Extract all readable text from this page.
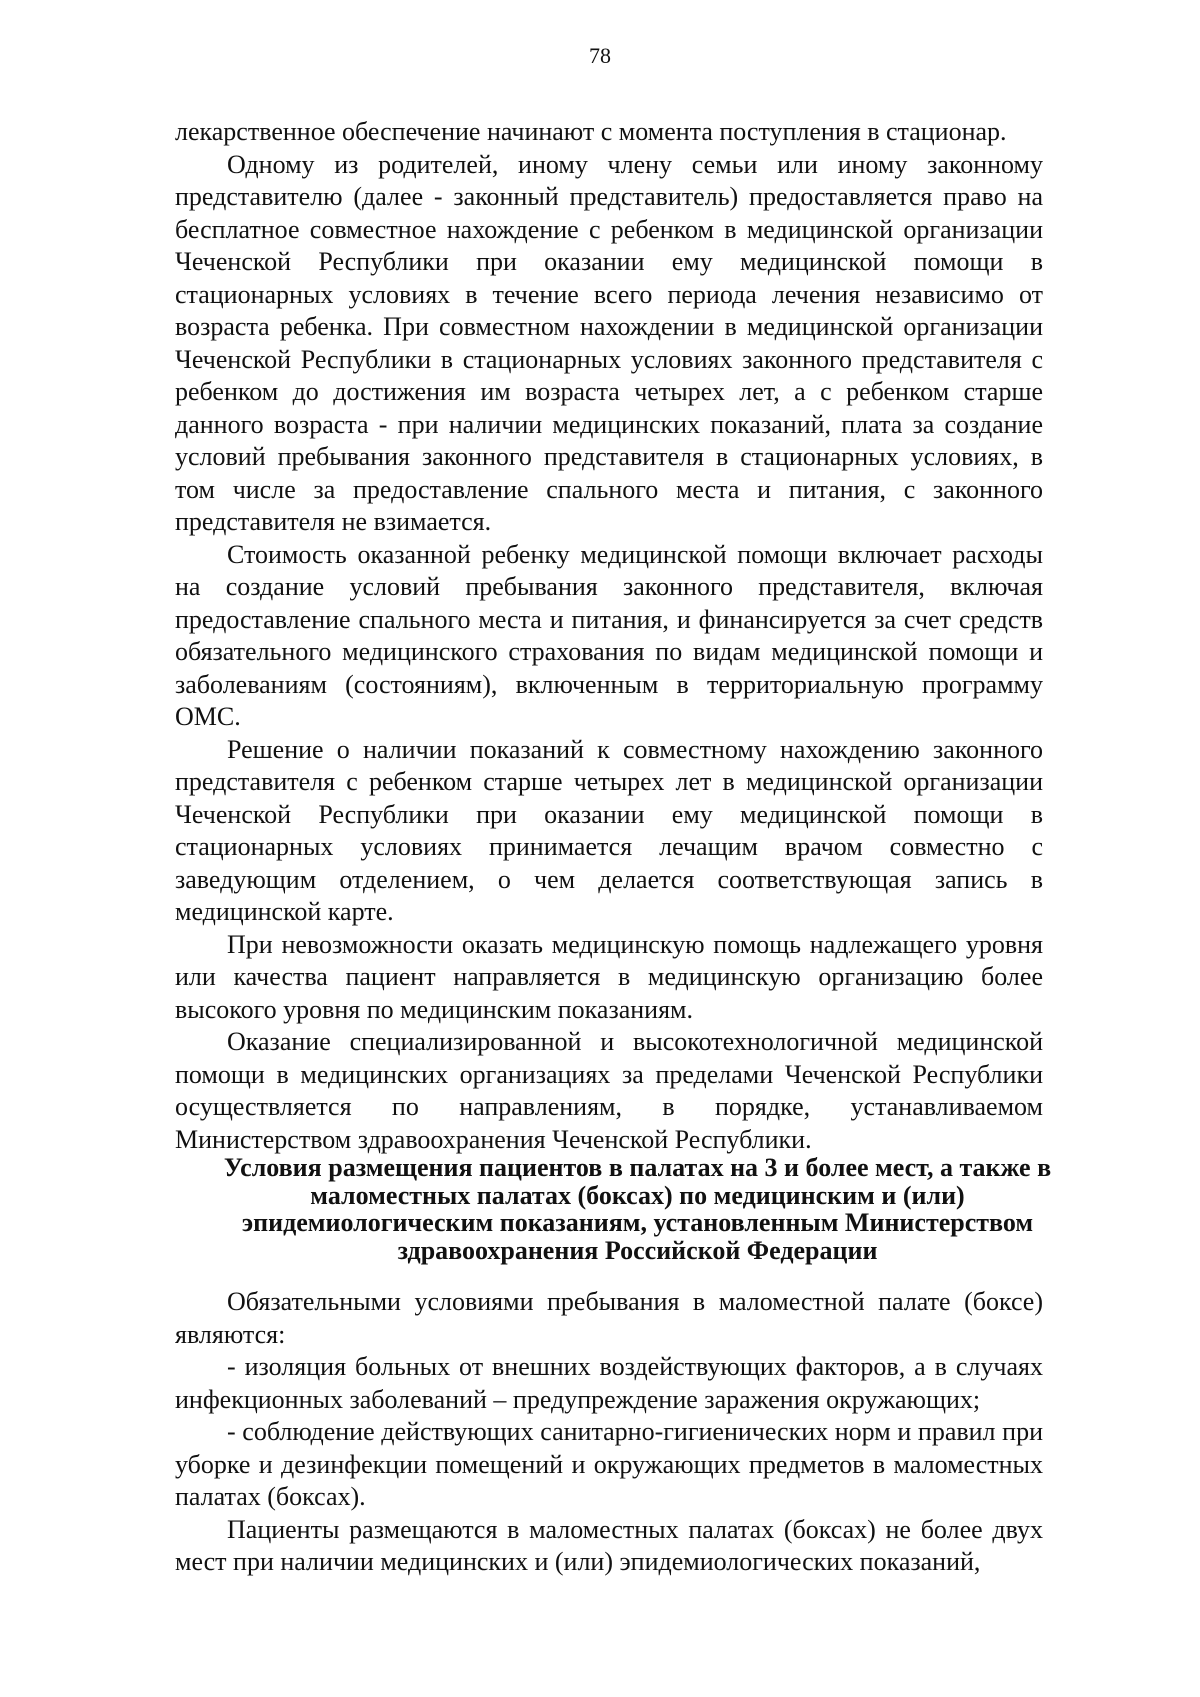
78

лекарственное обеспечение начинают с момента поступления в стационар.

Одному из родителей, иному члену семьи или иному законному представителю (далее - законный представитель) предоставляется право на бесплатное совместное нахождение с ребенком в медицинской организации Чеченской Республики при оказании ему медицинской помощи в стационарных условиях в течение всего периода лечения независимо от возраста ребенка. При совместном нахождении в медицинской организации Чеченской Республики в стационарных условиях законного представителя с ребенком до достижения им возраста четырех лет, а с ребенком старше данного возраста - при наличии медицинских показаний, плата за создание условий пребывания законного представителя в стационарных условиях, в том числе за предоставление спального места и питания, с законного представителя не взимается.

Стоимость оказанной ребенку медицинской помощи включает расходы на создание условий пребывания законного представителя, включая предоставление спального места и питания, и финансируется за счет средств обязательного медицинского страхования по видам медицинской помощи и заболеваниям (состояниям), включенным в территориальную программу ОМС.

Решение о наличии показаний к совместному нахождению законного представителя с ребенком старше четырех лет в медицинской организации Чеченской Республики при оказании ему медицинской помощи в стационарных условиях принимается лечащим врачом совместно с заведующим отделением, о чем делается соответствующая запись в медицинской карте.

При невозможности оказать медицинскую помощь надлежащего уровня или качества пациент направляется в медицинскую организацию более высокого уровня по медицинским показаниям.

Оказание специализированной и высокотехнологичной медицинской помощи в медицинских организациях за пределами Чеченской Республики осуществляется по направлениям, в порядке, устанавливаемом Министерством здравоохранения Чеченской Республики.

Условия размещения пациентов в палатах на 3 и более мест, а также в
маломестных палатах (боксах) по медицинским и (или)
эпидемиологическим показаниям, установленным Министерством
здравоохранения Российской Федерации

Обязательными условиями пребывания в маломестной палате (боксе) являются:

- изоляция больных от внешних воздействующих факторов, а в случаях инфекционных заболеваний – предупреждение заражения окружающих;

- соблюдение действующих санитарно-гигиенических норм и правил при уборке и дезинфекции помещений и окружающих предметов в маломестных палатах (боксах).

Пациенты размещаются в маломестных палатах (боксах) не более двух мест при наличии медицинских и (или) эпидемиологических показаний,
